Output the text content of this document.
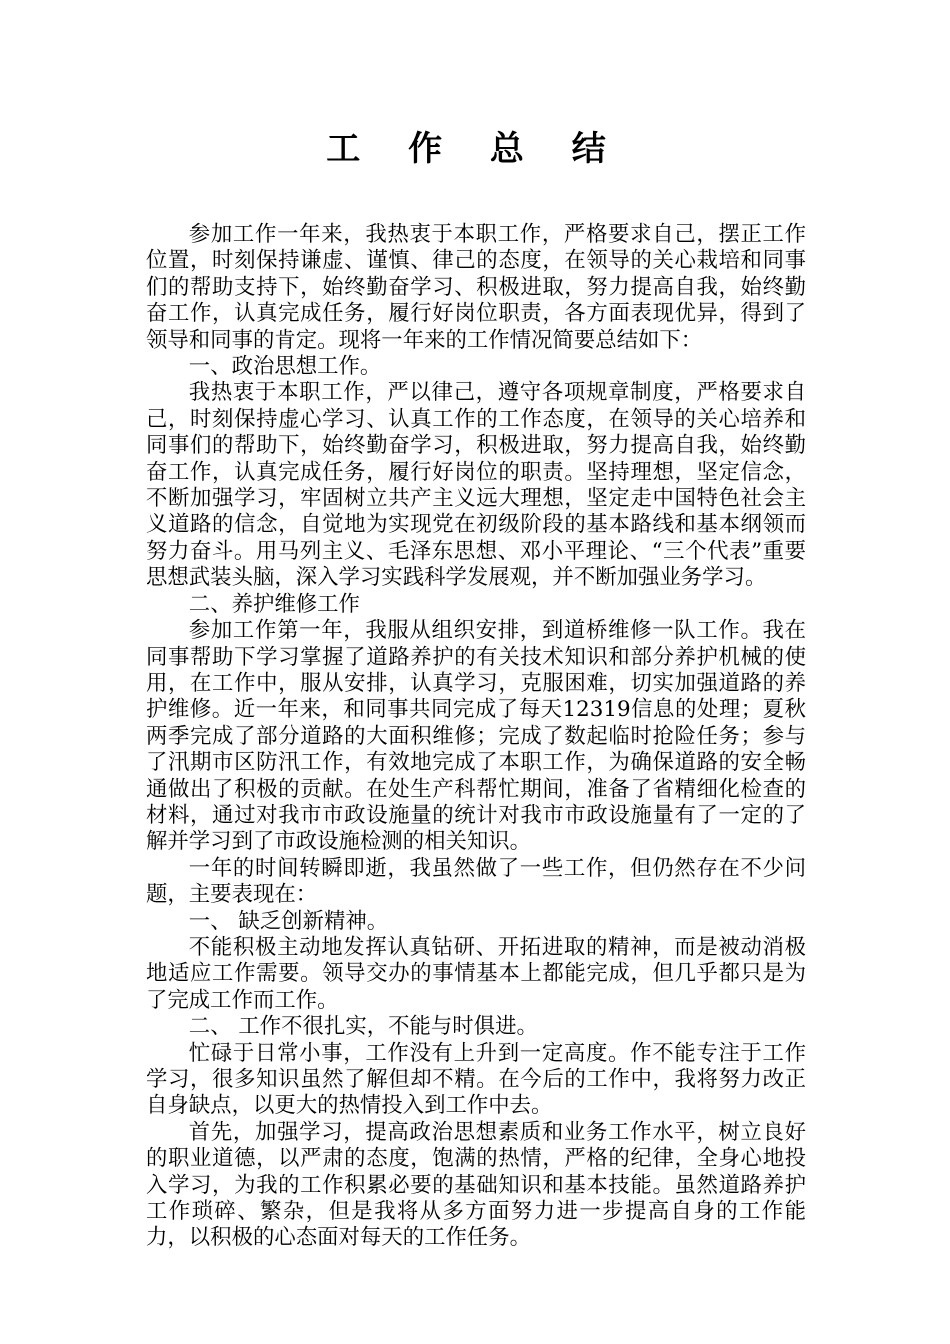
工 作 总 结

参加工作一年来，我热衷于本职工作，严格要求自己，摆正工作位置，时刻保持谦虚、谨慎、律己的态度，在领导的关心栽培和同事们的帮助支持下，始终勤奋学习、积极进取，努力提高自我，始终勤奋工作，认真完成任务，履行好岗位职责，各方面表现优异，得到了领导和同事的肯定。现将一年来的工作情况简要总结如下：

一、政治思想工作。

我热衷于本职工作，严以律己，遵守各项规章制度，严格要求自己，时刻保持虚心学习、认真工作的工作态度，在领导的关心培养和同事们的帮助下，始终勤奋学习，积极进取，努力提高自我，始终勤奋工作，认真完成任务，履行好岗位的职责。坚持理想，坚定信念，不断加强学习，牢固树立共产主义远大理想，坚定走中国特色社会主义道路的信念，自觉地为实现党在初级阶段的基本路线和基本纲领而努力奋斗。用马列主义、毛泽东思想、邓小平理论、“三个代表”重要思想武装头脑，深入学习实践科学发展观，并不断加强业务学习。

二、养护维修工作

参加工作第一年，我服从组织安排，到道桥维修一队工作。我在同事帮助下学习掌握了道路养护的有关技术知识和部分养护机械的使用，在工作中，服从安排，认真学习，克服困难，切实加强道路的养护维修。近一年来，和同事共同完成了每天12319信息的处理；夏秋两季完成了部分道路的大面积维修；完成了数起临时抢险任务；参与了汛期市区防汛工作，有效地完成了本职工作，为确保道路的安全畅通做出了积极的贡献。在处生产科帮忙期间，准备了省精细化检查的材料，通过对我市市政设施量的统计对我市市政设施量有了一定的了解并学习到了市政设施检测的相关知识。

一年的时间转瞬即逝，我虽然做了一些工作，但仍然存在不少问题，主要表现在：

一、 缺乏创新精神。

不能积极主动地发挥认真钻研、开拓进取的精神，而是被动消极地适应工作需要。领导交办的事情基本上都能完成，但几乎都只是为了完成工作而工作。

二、 工作不很扎实，不能与时俱进。

忙碌于日常小事，工作没有上升到一定高度。作不能专注于工作学习，很多知识虽然了解但却不精。在今后的工作中，我将努力改正自身缺点，以更大的热情投入到工作中去。

首先，加强学习，提高政治思想素质和业务工作水平，树立良好的职业道德，以严肃的态度，饱满的热情，严格的纪律，全身心地投入学习，为我的工作积累必要的基础知识和基本技能。虽然道路养护工作琐碎、繁杂，但是我将从多方面努力进一步提高自身的工作能力，以积极的心态面对每天的工作任务。
